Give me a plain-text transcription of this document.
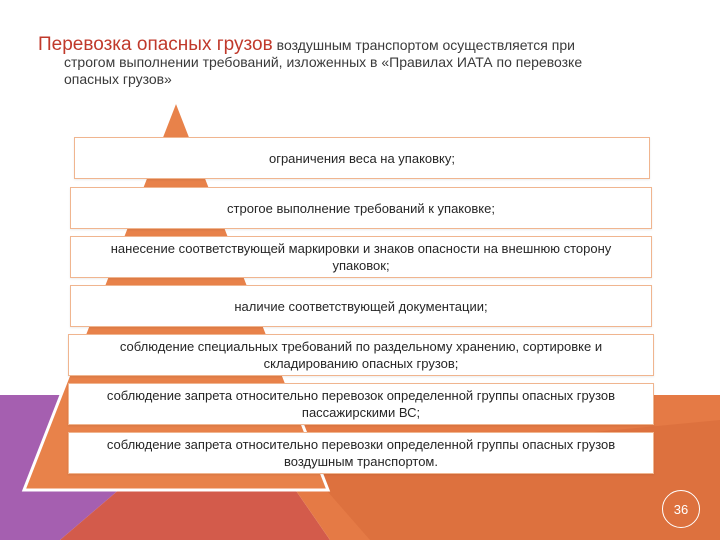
Перевозка опасных грузов воздушным транспортом осуществляется при
строгом выполнении требований, изложенных в «Правилах ИАТА по перевозке
опасных грузов»
ограничения веса на упаковку;
строгое выполнение требований к упаковке;
нанесение соответствующей маркировки и знаков опасности на внешнюю сторону упаковок;
наличие соответствующей документации;
соблюдение специальных требований по раздельному хранению, сортировке и складированию опасных грузов;
соблюдение запрета относительно перевозок определенной группы опасных грузов пассажирскими ВС;
соблюдение запрета относительно перевозки определенной группы опасных грузов воздушным транспортом.
36
